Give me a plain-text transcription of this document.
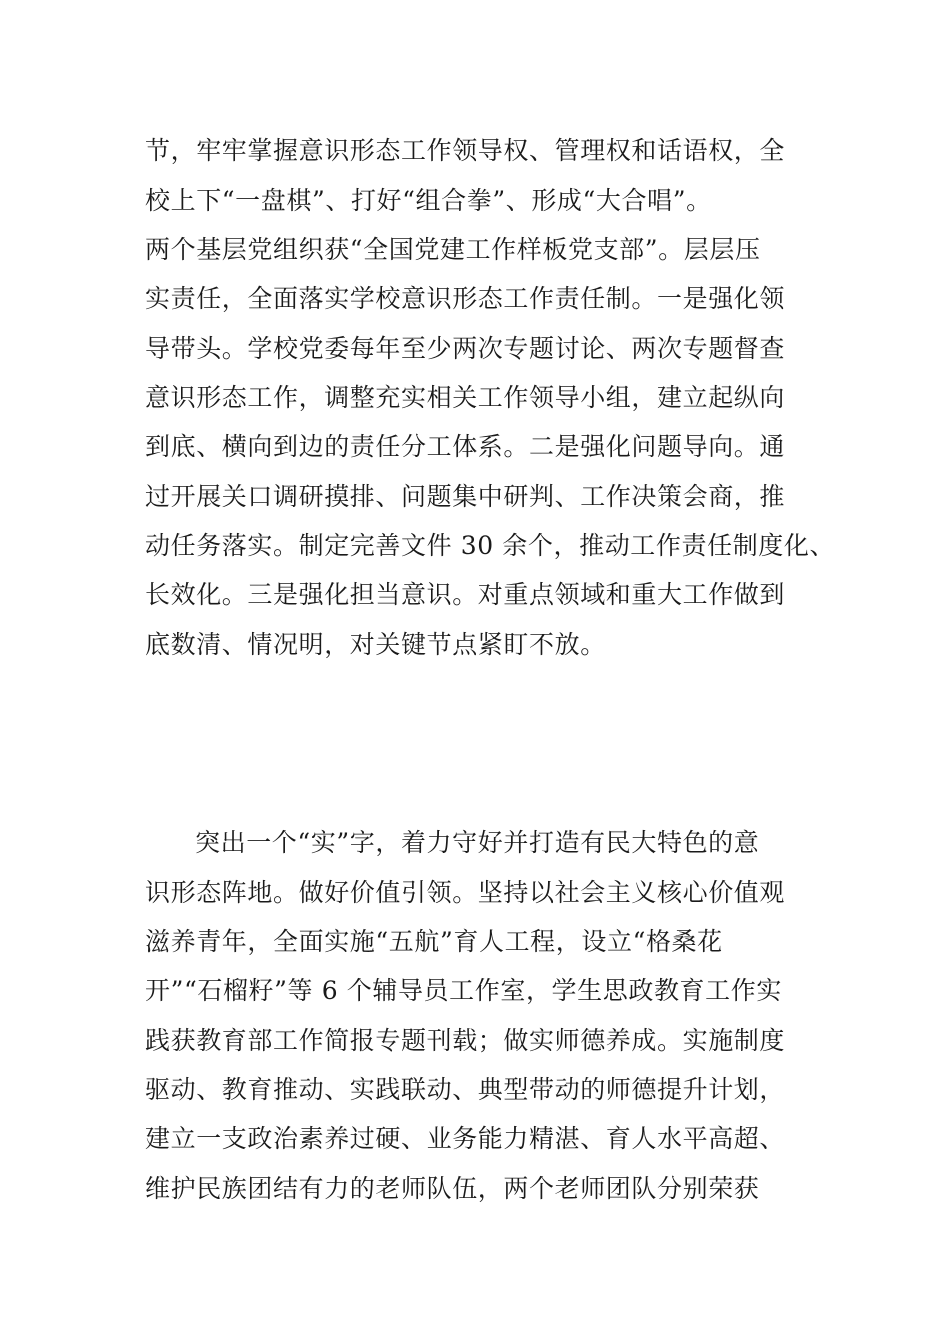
节，牢牢掌握意识形态工作领导权、管理权和话语权，全
校上下“一盘棋”、打好“组合拳”、形成“大合唱”。
两个基层党组织获“全国党建工作样板党支部”。层层压
实责任，全面落实学校意识形态工作责任制。一是强化领
导带头。学校党委每年至少两次专题讨论、两次专题督查
意识形态工作，调整充实相关工作领导小组，建立起纵向
到底、横向到边的责任分工体系。二是强化问题导向。通
过开展关口调研摸排、问题集中研判、工作决策会商，推
动任务落实。制定完善文件 30 余个，推动工作责任制度化、
长效化。三是强化担当意识。对重点领域和重大工作做到
底数清、情况明，对关键节点紧盯不放。
突出一个“实”字，着力守好并打造有民大特色的意
识形态阵地。做好价值引领。坚持以社会主义核心价值观
滋养青年，全面实施“五航”育人工程，设立“格桑花
开”“石榴籽”等 6 个辅导员工作室，学生思政教育工作实
践获教育部工作简报专题刊载；做实师德养成。实施制度
驱动、教育推动、实践联动、典型带动的师德提升计划，
建立一支政治素养过硬、业务能力精湛、育人水平高超、
维护民族团结有力的老师队伍，两个老师团队分别荣获
